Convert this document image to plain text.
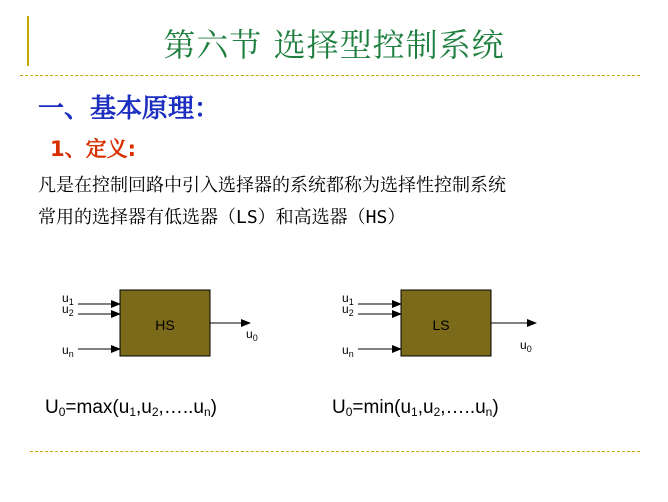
第六节 选择型控制系统
一、基本原理：
1、定义:
凡是在控制回路中引入选择器的系统都称为选择性控制系统
常用的选择器有低选器（LS）和高选器（HS）
HS
$u_1$
$u_2$
$u_n$
$u_0$
LS
$u_1$
$u_2$
$u_n$
$u_0$
$U_0=\max(u_1,u_2,\dots..u_n)$	$U_0=\min(u_1,u_2,\dots..u_n)$
